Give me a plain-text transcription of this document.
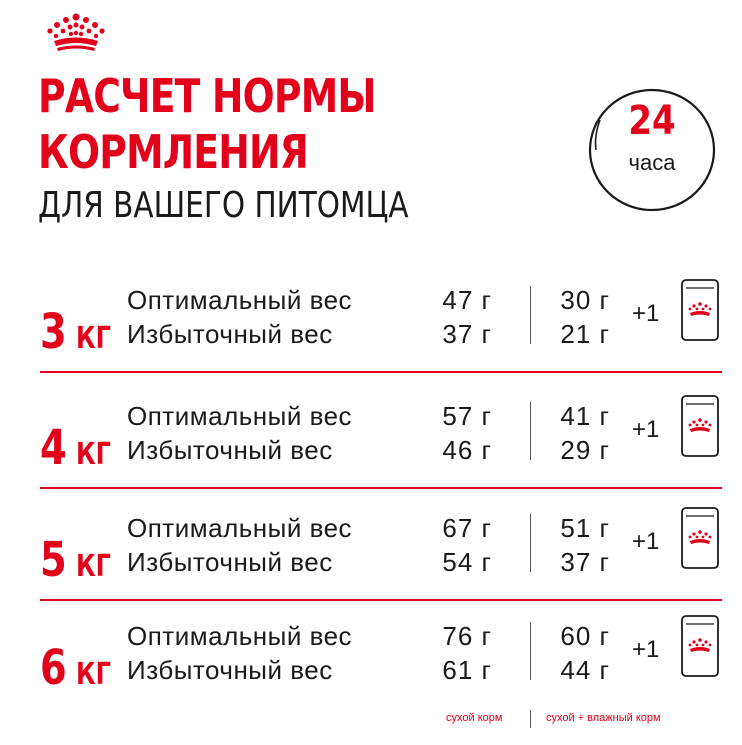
РАСЧЕТ НОРМЫ
КОРМЛЕНИЯ
ДЛЯ ВАШЕГО ПИТОМЦА
24
часа
3 КГ
Оптимальный вес
Избыточный вес
47 г
37 г
30 г
21 г
+1
4 КГ
Оптимальный вес
Избыточный вес
57 г
46 г
41 г
29 г
+1
5 КГ
Оптимальный вес
Избыточный вес
67 г
54 г
51 г
37 г
+1
6 КГ
Оптимальный вес
Избыточный вес
76 г
61 г
60 г
44 г
+1
сухой корм	сухой + влажный корм
